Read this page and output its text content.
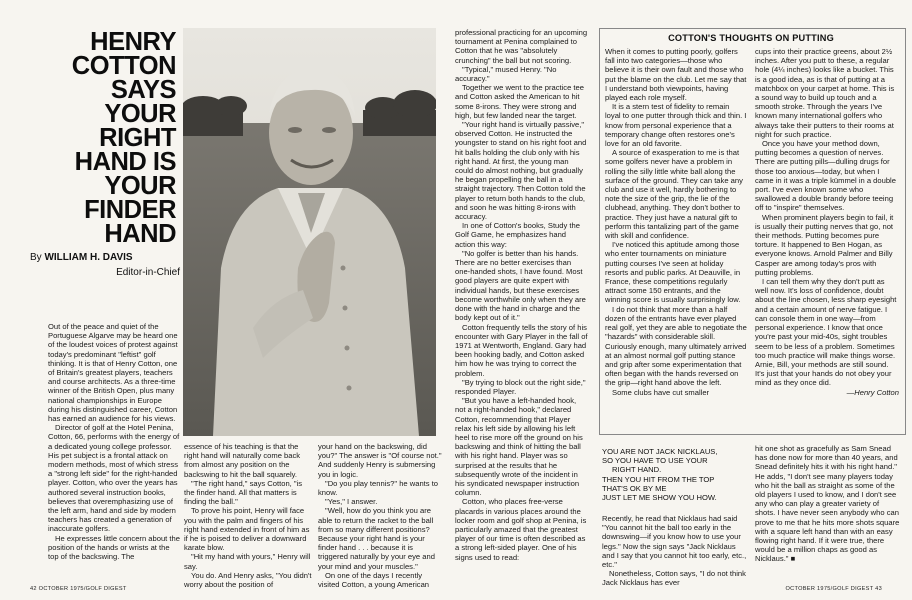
HENRY
COTTON
SAYS
YOUR
RIGHT
HAND IS
YOUR
FINDER
HAND
By WILLIAM H. DAVIS
Editor-in-Chief

Out of the peace and quiet of the Portuguese Algarve may be heard one of the loudest voices of protest against today's predominant "leftist" golf thinking. It is that of Henry Cotton, one of Britain's greatest players, teachers and course architects. As a three-time winner of the British Open, plus many national championships in Europe during his distinguished career, Cotton has earned an audience for his views.

Director of golf at the Hotel Penina, Cotton, 66, performs with the energy of a dedicated young college professor. His pet subject is a frontal attack on modern methods, most of which stress a "strong left side" for the right-handed player. Cotton, who over the years has authored several instruction books, believes that overemphasizing use of the left arm, hand and side by modern teachers has created a generation of inaccurate golfers.

He expresses little concern about the position of the hands or wrists at the top of the backswing. The

essence of his teaching is that the right hand will naturally come back from almost any position on the backswing to hit the ball squarely.

"The right hand," says Cotton, "is the finder hand. All that matters is finding the ball."

To prove his point, Henry will face you with the palm and fingers of his right hand extended in front of him as if he is poised to deliver a downward karate blow.

"Hit my hand with yours," Henry will say.

You do. And Henry asks, "You didn't worry about the position of

your hand on the backswing, did you?" The answer is "Of course not." And suddenly Henry is submersing you in logic.

"Do you play tennis?" he wants to know.

"Yes," I answer.

"Well, how do you think you are able to return the racket to the ball from so many different positions? Because your right hand is your finder hand . . . because it is triggered naturally by your eye and your mind and your muscles."

On one of the days I recently visited Cotton, a young American

professional practicing for an upcoming tournament at Penina complained to Cotton that he was "absolutely crunching" the ball but not scoring.

"Typical," mused Henry. "No accuracy."

Together we went to the practice tee and Cotton asked the American to hit some 8-irons. They were strong and high, but few landed near the target.

"Your right hand is virtually passive," observed Cotton. He instructed the youngster to stand on his right foot and hit balls holding the club only with his right hand. At first, the young man could do almost nothing, but gradually he began propelling the ball in a straight trajectory. Then Cotton told the player to return both hands to the club, and soon he was hitting 8-irons with accuracy.

In one of Cotton's books, Study the Golf Game, he emphasizes hand action this way:

"No golfer is better than his hands. There are no better exercises than one-handed shots, I have found. Most good players are quite expert with individual hands, but these exercises become worthwhile only when they are done with the hand in charge and the body kept out of it."

Cotton frequently tells the story of his encounter with Gary Player in the fall of 1971 at Wentworth, England. Gary had been hooking badly, and Cotton asked him how he was trying to correct the problem.

"By trying to block out the right side," responded Player.

"But you have a left-handed hook, not a right-handed hook," declared Cotton, recommending that Player relax his left side by allowing his left heel to rise more off the ground on his backswing and think of hitting the ball with his right hand. Player was so surprised at the results that he subsequently wrote of the incident in his syndicated newspaper instruction column.

Cotton, who places free-verse placards in various places around the locker room and golf shop at Penina, is particularly amazed that the greatest player of our time is often described as a strong left-sided player. One of his signs used to read:

COTTON'S THOUGHTS ON PUTTING

When it comes to putting poorly, golfers fall into two categories—those who believe it is their own fault and those who put the blame on the club. Let me say that I understand both viewpoints, having played each role myself.

It is a stern test of fidelity to remain loyal to one putter through thick and thin. I know from personal experience that a temporary change often restores one's love for an old favorite.

A source of exasperation to me is that some golfers never have a problem in rolling the silly little white ball along the surface of the ground. They can take any club and use it well, hardly bothering to note the size of the grip, the lie of the clubhead, anything. They don't bother to practice. They just have a natural gift to perform this tantalizing part of the game with skill and confidence.

I've noticed this aptitude among those who enter tournaments on miniature putting courses I've seen at holiday resorts and public parks. At Deauville, in France, these competitions regularly attract some 150 entrants, and the winning score is usually surprisingly low.

I do not think that more than a half dozen of the entrants have ever played real golf, yet they are able to negotiate the "hazards" with considerable skill. Curiously enough, many ultimately arrived at an almost normal golf putting stance and grip after some experimentation that often began with the hands reversed on the grip—right hand above the left.

Some clubs have cut smaller

cups into their practice greens, about 2½ inches. After you putt to these, a regular hole (4¼ inches) looks like a bucket. This is a good idea, as is that of putting at a matchbox on your carpet at home. This is a sound way to build up touch and a smooth stroke. Through the years I've known many international golfers who always take their putters to their rooms at night for such practice.

Once you have your method down, putting becomes a question of nerves. There are putting pills—dulling drugs for those too anxious—today, but when I came in it was a triple kümmel in a double port. I've even known some who swallowed a double brandy before teeing off to "inspire" themselves.

When prominent players begin to fail, it is usually their putting nerves that go, not their methods. Putting becomes pure torture. It happened to Ben Hogan, as everyone knows. Arnold Palmer and Billy Casper are among today's pros with putting problems.

I can tell them why they don't putt as well now. It's loss of confidence, doubt about the line chosen, less sharp eyesight and a certain amount of nerve fatigue. I can console them in one way—from personal experience. I know that once you're past your mid-40s, sight troubles seem to be less of a problem. Sometimes too much practice will make things worse. Arnie, Bill, your methods are still sound. It's just that your hands do not obey your mind as they once did.

—Henry Cotton
YOU ARE NOT JACK NICKLAUS,
SO YOU HAVE TO USE YOUR
RIGHT HAND.
THEN YOU HIT FROM THE TOP
THAT'S OK BY ME
JUST LET ME SHOW YOU HOW.

Recently, he read that Nicklaus had said "You cannot hit the ball too early in the downswing—if you know how to use your legs." Now the sign says "Jack Nicklaus and I say that you cannot hit too early, etc., etc."

Nonetheless, Cotton says, "I do not think Jack Nicklaus has ever

hit one shot as gracefully as Sam Snead has done now for more than 40 years, and Snead definitely hits it with his right hand." He adds, "I don't see many players today who hit the ball as straight as some of the old players I used to know, and I don't see any who can play a greater variety of shots. I have never seen anybody who can prove to me that he hits more shots square with a square left hand than with an easy flowing right hand. If it were true, there would be a million chaps as good as Nicklaus." ■

42 OCTOBER 1975/GOLF DIGEST	OCTOBER 1975/GOLF DIGEST 43
